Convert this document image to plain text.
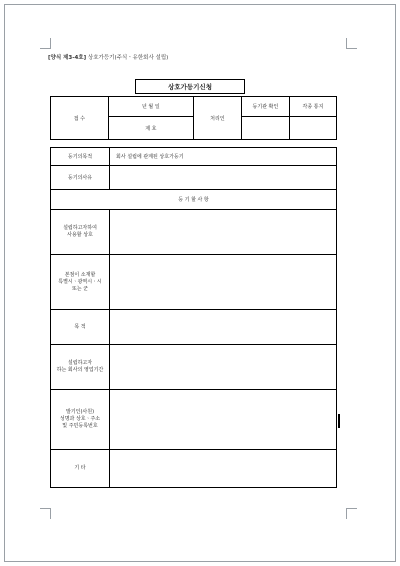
[양식 제3-4호] 상호가등기(주식ㆍ유한회사 설립)
상호가등기신청
접 수	년 월 일	처리인	등기관 확인	각종 통지
	제 호			
등기의목적	회사 설립에 관계된 상호가등기
등기의사유	
등 기 할 사 항	

설립하고자하여
사용할 상호	

본점이 소재할
특별시ㆍ광역시ㆍ시
또는 군	

목 적	

설립하고자
하는 회사의 영업기간	

발기인(사원)
성명과 상호ㆍ주소
및 주민등록번호	

기 타	
